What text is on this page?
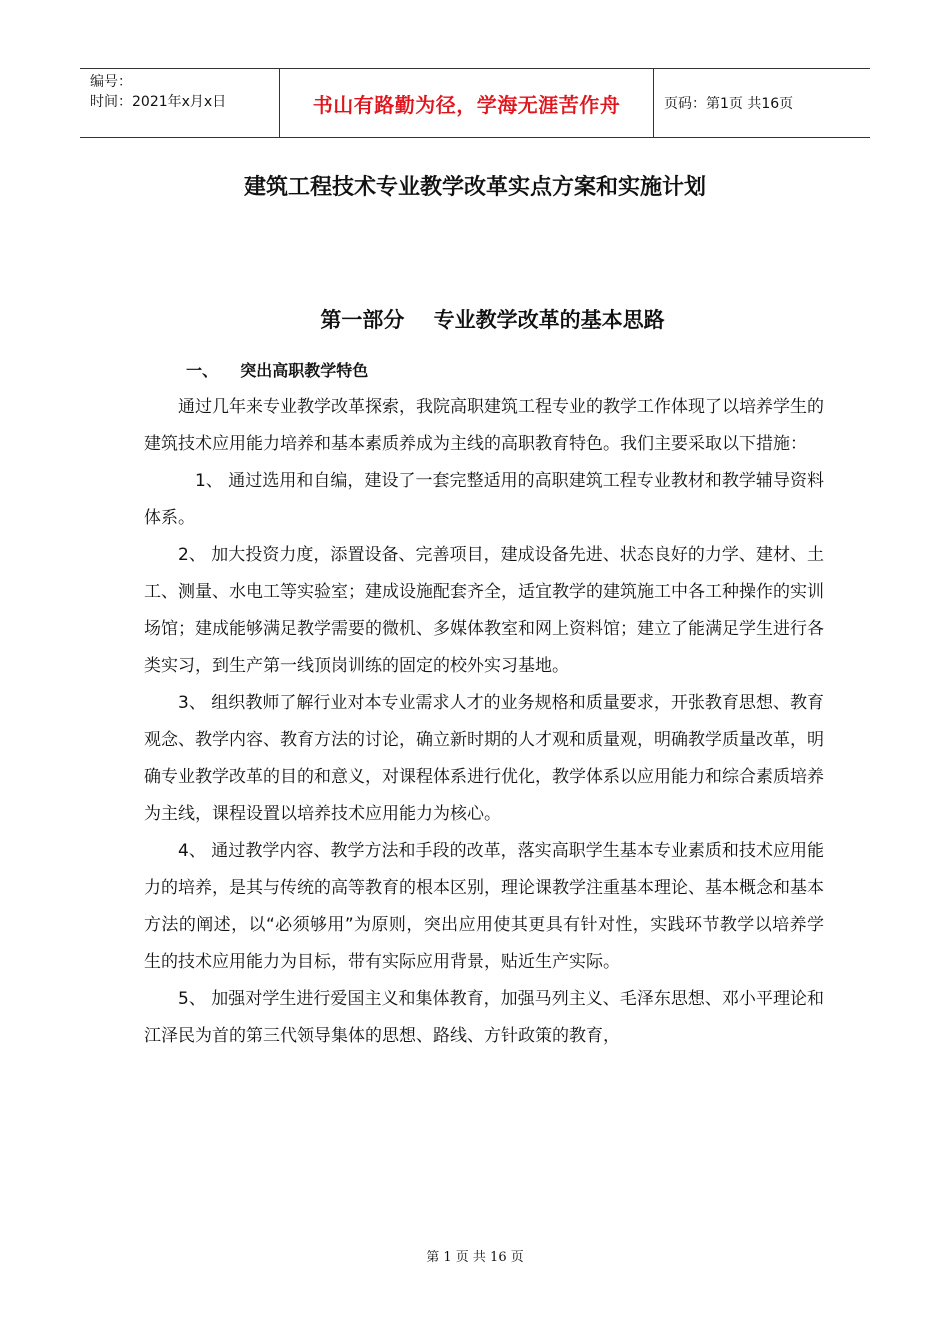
编号：
时间：2021年x月x日	书山有路勤为径，学海无涯苦作舟	页码：第1页 共16页
建筑工程技术专业教学改革实点方案和实施计划
第一部分    专业教学改革的基本思路
一、    突出高职教学特色

通过几年来专业教学改革探索，我院高职建筑工程专业的教学工作体现了以培养学生的建筑技术应用能力培养和基本素质养成为主线的高职教育特色。我们主要采取以下措施：

1、 通过选用和自编，建设了一套完整适用的高职建筑工程专业教材和教学辅导资料体系。

2、 加大投资力度，添置设备、完善项目，建成设备先进、状态良好的力学、建材、土工、测量、水电工等实验室；建成设施配套齐全，适宜教学的建筑施工中各工种操作的实训场馆；建成能够满足教学需要的微机、多媒体教室和网上资料馆；建立了能满足学生进行各类实习，到生产第一线顶岗训练的固定的校外实习基地。

3、 组织教师了解行业对本专业需求人才的业务规格和质量要求，开张教育思想、教育观念、教学内容、教育方法的讨论，确立新时期的人才观和质量观，明确教学质量改革，明确专业教学改革的目的和意义，对课程体系进行优化，教学体系以应用能力和综合素质培养为主线，课程设置以培养技术应用能力为核心。

4、 通过教学内容、教学方法和手段的改革，落实高职学生基本专业素质和技术应用能力的培养，是其与传统的高等教育的根本区别，理论课教学注重基本理论、基本概念和基本方法的阐述，以“必须够用”为原则，突出应用使其更具有针对性，实践环节教学以培养学生的技术应用能力为目标，带有实际应用背景，贴近生产实际。

5、 加强对学生进行爱国主义和集体教育，加强马列主义、毛泽东思想、邓小平理论和江泽民为首的第三代领导集体的思想、路线、方针政策的教育，

第 1 页 共 16 页
